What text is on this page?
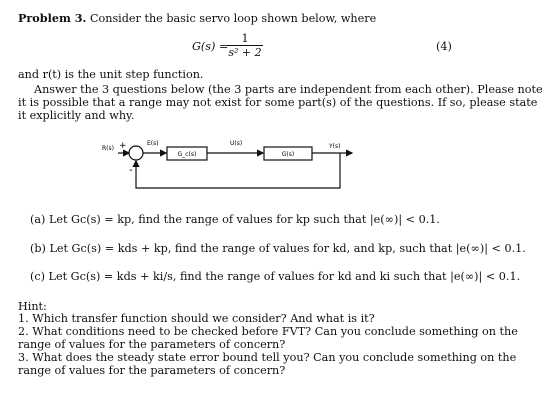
Problem 3. Consider the basic servo loop shown below, where
G(s) =
1
s² + 2	(4)
and r(t) is the unit step function.
Answer the 3 questions below (the 3 parts are independent from each other). Please note
it is possible that a range may not exist for some part(s) of the questions. If so, please state
it explicitly and why.
R(s) +
-
E(s)	U(s)	Y(s)
G_c(s)	G(s)
(a) Let Gc(s) = kp, find the range of values for kp such that |e(∞)| < 0.1.
(b) Let Gc(s) = kds + kp, find the range of values for kd, and kp, such that |e(∞)| < 0.1.
(c) Let Gc(s) = kds + ki/s, find the range of values for kd and ki such that |e(∞)| < 0.1.
Hint:
1. Which transfer function should we consider? And what is it?
2. What conditions need to be checked before FVT? Can you conclude something on the
range of values for the parameters of concern?
3. What does the steady state error bound tell you? Can you conclude something on the
range of values for the parameters of concern?
